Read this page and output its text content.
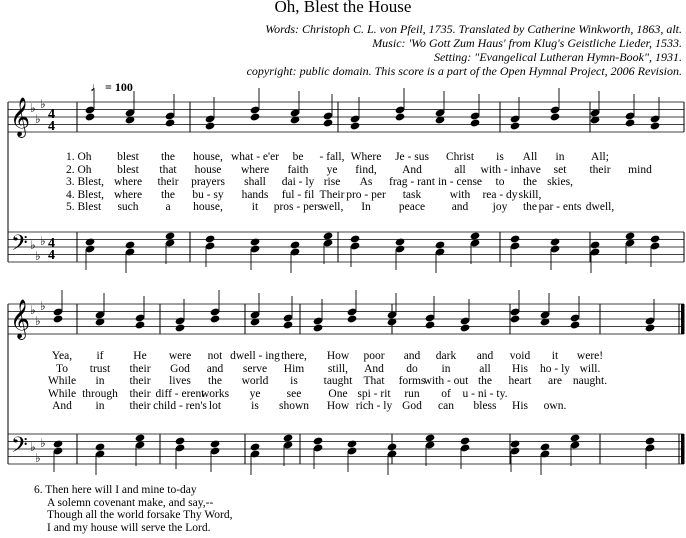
Oh, Blest the House
Words: Christoph C. L. von Pfeil, 1735. Translated by Catherine Winkworth, 1863, alt.
Music: 'Wo Gott Zum Haus' from Klug's Geistliche Lieder, 1533.
Setting: "Evangelical Lutheran Hymn-Book", 1931.
copyright: public domain. This score is a part of the Open Hymnal Project, 2006 Revision.
♩ = 100
𝄞 ♭
♭
♭
𝄞 ♭
♭
♭
𝄢 ♭
♭
♭
𝄢 ♭
♭
♭
4
4
4
4
1. Oh blest the house, what - e'er be - fall, Where Je - sus Christ is All in All;
2. Oh blest that house where faith ye find, And	all with - in have set their mind
3. Blest, where their prayers shall dai - ly rise As frag - rant in - cense to the skies,
4. Blest, where the bu - sy hands ful - fil Their pro - per task with rea - dy skill,
5. Blest such a house,	it pros - pers
well, In peace and joy the par - ents dwell,
Yea, if	He were not dwell - ing there, How poor and dark and void it were!
To trust their God and serve Him still, And do in	all His ho - ly will.
While in their lives the world is taught That forms
with - out the heart are naught.
While through their diff - erent
works ye see One spi - rit run of u - ni - ty.
And in their child - ren's lot	is shown How rich - ly God can bless His own.
6. Then here will I and mine to-day
A solemn covenant make, and say,--
Though all the world forsake Thy Word,
I and my house will serve the Lord.
